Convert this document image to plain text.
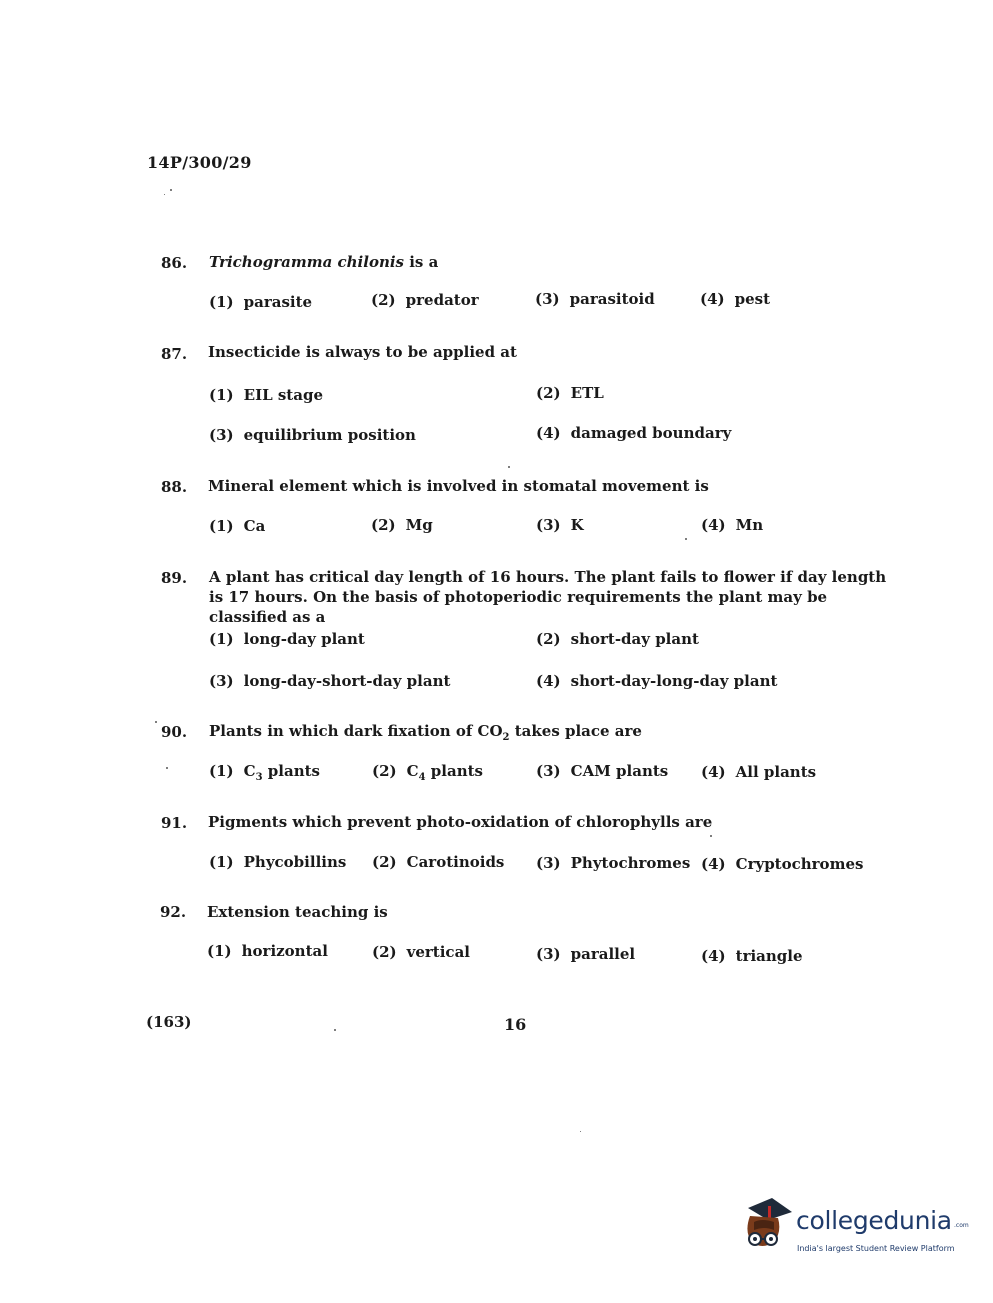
14P/300/29
86. Trichogramma chilonis is a
(1) parasite	(2) predator	(3) parasitoid	(4) pest
87. Insecticide is always to be applied at
(1) EIL stage	(2) ETL
(3) equilibrium position	(4) damaged boundary
88. Mineral element which is involved in stomatal movement is
(1) Ca	(2) Mg	(3) K	(4) Mn
89. A plant has critical day length of 16 hours. The plant fails to flower if day length is 17 hours. On the basis of photoperiodic requirements the plant may be classified as a
(1) long-day plant	(2) short-day plant
(3) long-day-short-day plant	(4) short-day-long-day plant
90. Plants in which dark fixation of $CO_2$ takes place are
(1) $C_3$ plants	(2) $C_4$ plants	(3) CAM plants (4) All plants
91. Pigments which prevent photo-oxidation of chlorophylls are
(1) Phycobillins (2) Carotinoids (3) Phytochromes (4) Cryptochromes
92. Extension teaching is
(1) horizontal	(2) vertical	(3) parallel	(4) triangle
(163)	16
collegedunia .com
India's largest Student Review Platform
